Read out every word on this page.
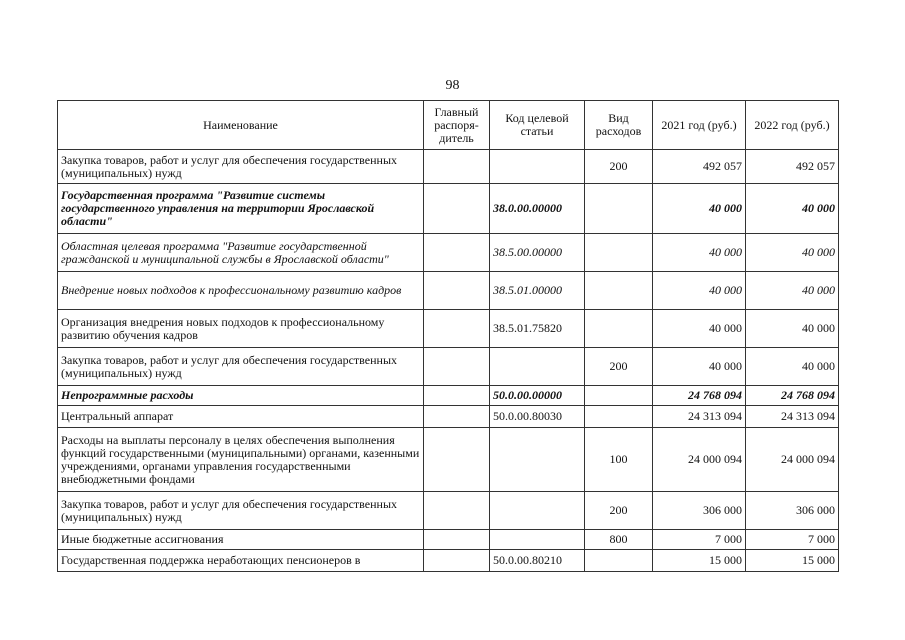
98
Наименование	Главный распоря-дитель	Код целевой статьи	Вид расходов	2021 год (руб.)	2022 год (руб.)
Закупка товаров, работ и услуг для обеспечения государственных (муниципальных) нужд			200	492 057	492 057
Государственная программа "Развитие системы государственного управления на территории Ярославской области"		38.0.00.00000		40 000	40 000
Областная целевая программа "Развитие государственной гражданской и муниципальной службы в Ярославской области"		38.5.00.00000		40 000	40 000
Внедрение новых подходов к профессиональному развитию кадров		38.5.01.00000		40 000	40 000
Организация внедрения новых подходов к профессиональному развитию обучения кадров		38.5.01.75820		40 000	40 000
Закупка товаров, работ и услуг для обеспечения государственных (муниципальных) нужд			200	40 000	40 000
Непрограммные расходы		50.0.00.00000		24 768 094	24 768 094
Центральный аппарат		50.0.00.80030		24 313 094	24 313 094
Расходы на выплаты персоналу в целях обеспечения выполнения функций государственными (муниципальными) органами, казенными учреждениями, органами управления государственными внебюджетными фондами			100	24 000 094	24 000 094
Закупка товаров, работ и услуг для обеспечения государственных (муниципальных) нужд			200	306 000	306 000
Иные бюджетные ассигнования			800	7 000	7 000
Государственная поддержка неработающих пенсионеров в		50.0.00.80210		15 000	15 000
